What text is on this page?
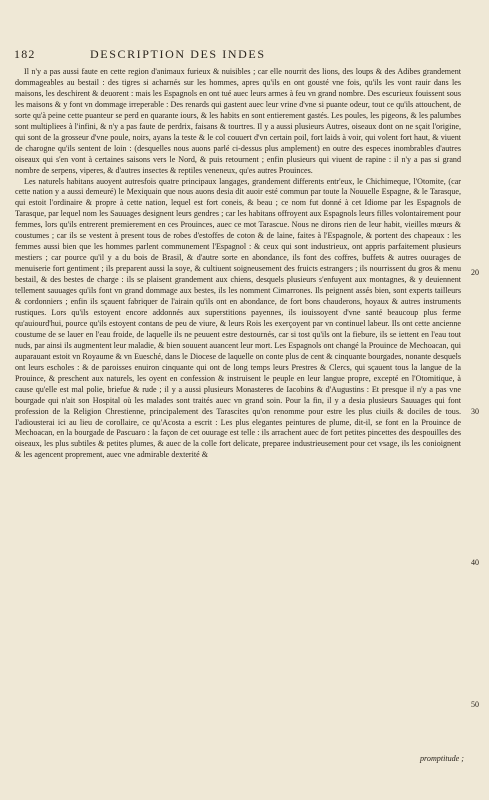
182	DESCRIPTION DES INDES

Il n'y a pas aussi faute en cette region d'animaux furieux & nuisibles ; car elle nourrit des lions, des loups & des Adibes grandement dommageables au bestail : des tigres si acharnés sur les hommes, apres qu'ils en ont gousté vne fois, qu'ils les vont rauir dans les maisons, les deschirent & deuorent : mais les Espagnols en ont tué auec leurs armes à feu vn grand nombre. Des escurieux fouissent sous les maisons & y font vn dommage irreperable : Des renards qui gastent auec leur vrine d'vne si puante odeur, tout ce qu'ils attouchent, de sorte qu'à peine cette puanteur se perd en quarante iours, & les habits en sont entierement gastés. Les poules, les pigeons, & les palumbes sont multipliees à l'infini, & n'y a pas faute de perdrix, faisans & tourtres. Il y a aussi plusieurs Autres, oiseaux dont on ne sçait l'origine, qui sont de la grosseur d'vne poule, noirs, ayans la teste & le col couuert d'vn certain poil, fort laids à voir, qui volent fort haut, & viuent de charogne qu'ils sentent de loin : (desquelles nous auons parlé ci-dessus plus amplement) en outre des especes inombrables d'autres oiseaux qui s'en vont à certaines saisons vers le Nord, & puis retournent ; enfin plusieurs qui viuent de rapine : il n'y a pas si grand nombre de serpens, viperes, & d'autres insectes & reptiles veneneux, qu'es autres Prouinces.

Les naturels habitans auoyent autresfois quatre principaux langages, grandement differents entr'eux, le Chichimeque, l'Otomite, (car cette nation y a aussi demeuré) le Mexiquain que nous auons desia dit auoir esté commun par toute la Nouuelle Espagne, & le Tarasque, qui estoit l'ordinaire & propre à cette nation, lequel est fort coneis, & beau ; ce nom fut donné à cet Idiome par les Espagnols de Tarasque, par lequel nom les Sauuages designent leurs gendres ; car les habitans offroyent aux Espagnols leurs filles volontairement pour femmes, lors qu'ils entrerent premierement en ces Prouinces, auec ce mot Tarascue. Nous ne dirons rien de leur habit, vieilles mœurs & coustumes ; car ils se vestent à present tous de robes d'estoffes de coton & de laine, faites à l'Espagnole, & portent des chapeaux : les femmes aussi bien que les hommes parlent communement l'Espagnol : & ceux qui sont industrieux, ont appris parfaitement plusieurs mestiers ; car pource qu'il y a du bois de Brasil, & d'autre sorte en abondance, ils font des coffres, buffets & autres ouurages de menuiserie fort gentiment ; ils preparent aussi la soye, & cultiuent soigneusement des fruicts estrangers ; ils nourrissent du gros & menu bestail, & des bestes de charge : ils se plaisent grandement aux chiens, desquels plusieurs s'enfuyent aux montagnes, & y deuiennent tellement sauuages qu'ils font vn grand dommage aux bestes, ils les nomment Cimarrones. Ils peignent assés bien, sont experts tailleurs & cordonniers ; enfin ils sçauent fabriquer de l'airain qu'ils ont en abondance, de fort bons chauderons, hoyaux & autres instruments rustiques. Lors qu'ils estoyent encore addonnés aux superstitions payennes, ils iouissoyent d'vne santé beaucoup plus ferme qu'auiourd'hui, pource qu'ils estoyent contans de peu de viure, & leurs Rois les exerçoyent par vn continuel labeur. Ils ont cette ancienne coustume de se lauer en l'eau froide, de laquelle ils ne peuuent estre destournés, car si tost qu'ils ont la fiebure, ils se iettent en l'eau tout nuds, par ainsi ils augmentent leur maladie, & bien souuent auancent leur mort. Les Espagnols ont changé la Prouince de Mechoacan, qui auparauant estoit vn Royaume & vn Euesché, dans le Diocese de laquelle on conte plus de cent & cinquante bourgades, nonante desquels ont leurs escholes : & de paroisses enuiron cinquante qui ont de long temps leurs Prestres & Clercs, qui sçauent tous la langue de la Prouince, & preschent aux naturels, les oyent en confession & instruisent le peuple en leur langue propre, excepté en l'Otomitique, à cause qu'elle est mal polie, briefue & rude ; il y a aussi plusieurs Monasteres de Iacobins & d'Augustins : Et presque il n'y a pas vne bourgade qui n'ait son Hospital où les malades sont traités auec vn grand soin. Pour la fin, il y a desia plusieurs Sauuages qui font profession de la Religion Chrestienne, principalement des Tarascites qu'on renomme pour estre les plus ciuils & dociles de tous. I'adiousterai ici au lieu de corollaire, ce qu'Acosta a escrit : Les plus elegantes peintures de plume, dit-il, se font en la Prouince de Mechoacan, en la bourgade de Pascuaro : la façon de cet ouurage est telle : ils arrachent auec de fort petites pincettes des despouilles des oiseaux, les plus subtiles & petites plumes, & auec de la colle fort delicate, preparee industrieusement pour cet vsage, ils les conioignent & les agencent proprement, auec vne admirable dexterité &

20
30
40
50
promptitude ;
